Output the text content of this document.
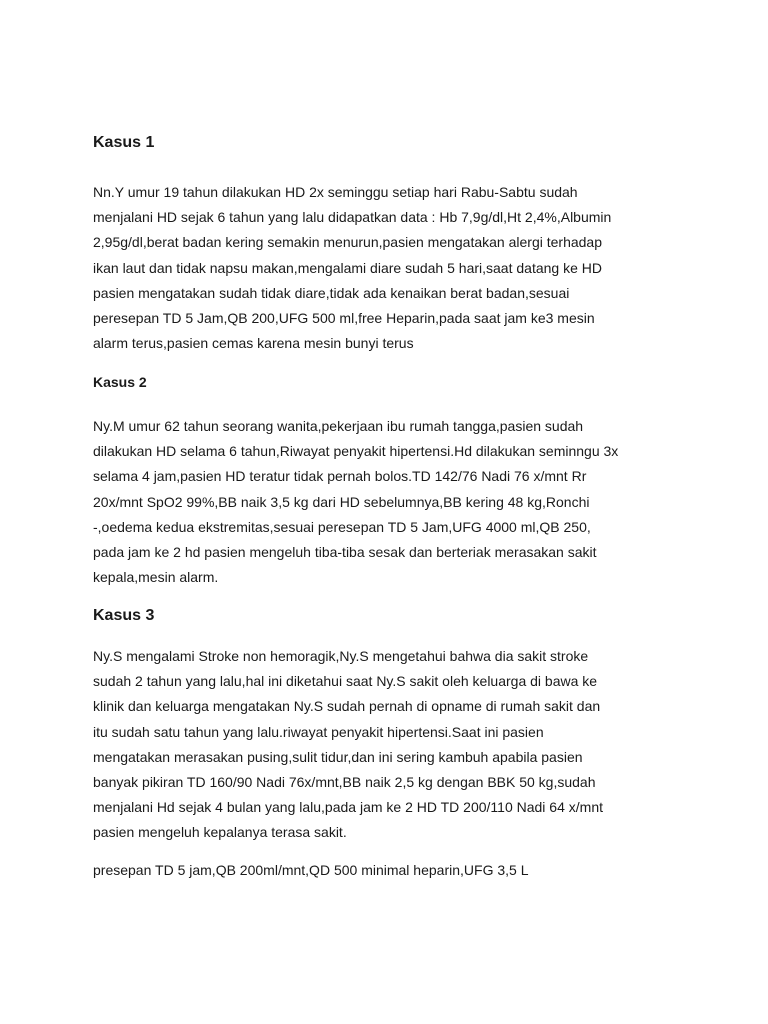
Kasus 1

Nn.Y umur 19 tahun dilakukan HD 2x seminggu setiap hari Rabu-Sabtu sudah
menjalani HD sejak 6 tahun yang lalu didapatkan data : Hb 7,9g/dl,Ht 2,4%,Albumin
2,95g/dl,berat badan kering semakin menurun,pasien mengatakan alergi terhadap
ikan laut dan tidak napsu makan,mengalami diare sudah 5 hari,saat datang ke HD
pasien mengatakan sudah tidak diare,tidak ada kenaikan berat badan,sesuai
peresepan TD 5 Jam,QB 200,UFG 500 ml,free Heparin,pada saat jam ke3 mesin
alarm terus,pasien cemas karena mesin bunyi terus

Kasus 2

Ny.M umur 62 tahun seorang wanita,pekerjaan ibu rumah tangga,pasien sudah
dilakukan HD selama 6 tahun,Riwayat penyakit hipertensi.Hd dilakukan seminngu 3x
selama 4 jam,pasien HD teratur tidak pernah bolos.TD 142/76 Nadi 76 x/mnt Rr
20x/mnt SpO2 99%,BB naik 3,5 kg dari HD sebelumnya,BB kering 48 kg,Ronchi
-,oedema kedua ekstremitas,sesuai peresepan TD 5 Jam,UFG 4000 ml,QB 250,
pada jam ke 2 hd pasien mengeluh tiba-tiba sesak dan berteriak merasakan sakit
kepala,mesin alarm.

Kasus 3

Ny.S mengalami Stroke non hemoragik,Ny.S mengetahui bahwa dia sakit stroke
sudah 2 tahun yang lalu,hal ini diketahui saat Ny.S sakit oleh keluarga di bawa ke
klinik dan keluarga mengatakan Ny.S sudah pernah di opname di rumah sakit dan
itu sudah satu tahun yang lalu.riwayat penyakit hipertensi.Saat ini pasien
mengatakan merasakan pusing,sulit tidur,dan ini sering kambuh apabila pasien
banyak pikiran TD 160/90 Nadi 76x/mnt,BB naik 2,5 kg dengan BBK 50 kg,sudah
menjalani Hd sejak 4 bulan yang lalu,pada jam ke 2 HD TD 200/110 Nadi 64 x/mnt
pasien mengeluh kepalanya terasa sakit.

presepan TD 5 jam,QB 200ml/mnt,QD 500 minimal heparin,UFG 3,5 L
